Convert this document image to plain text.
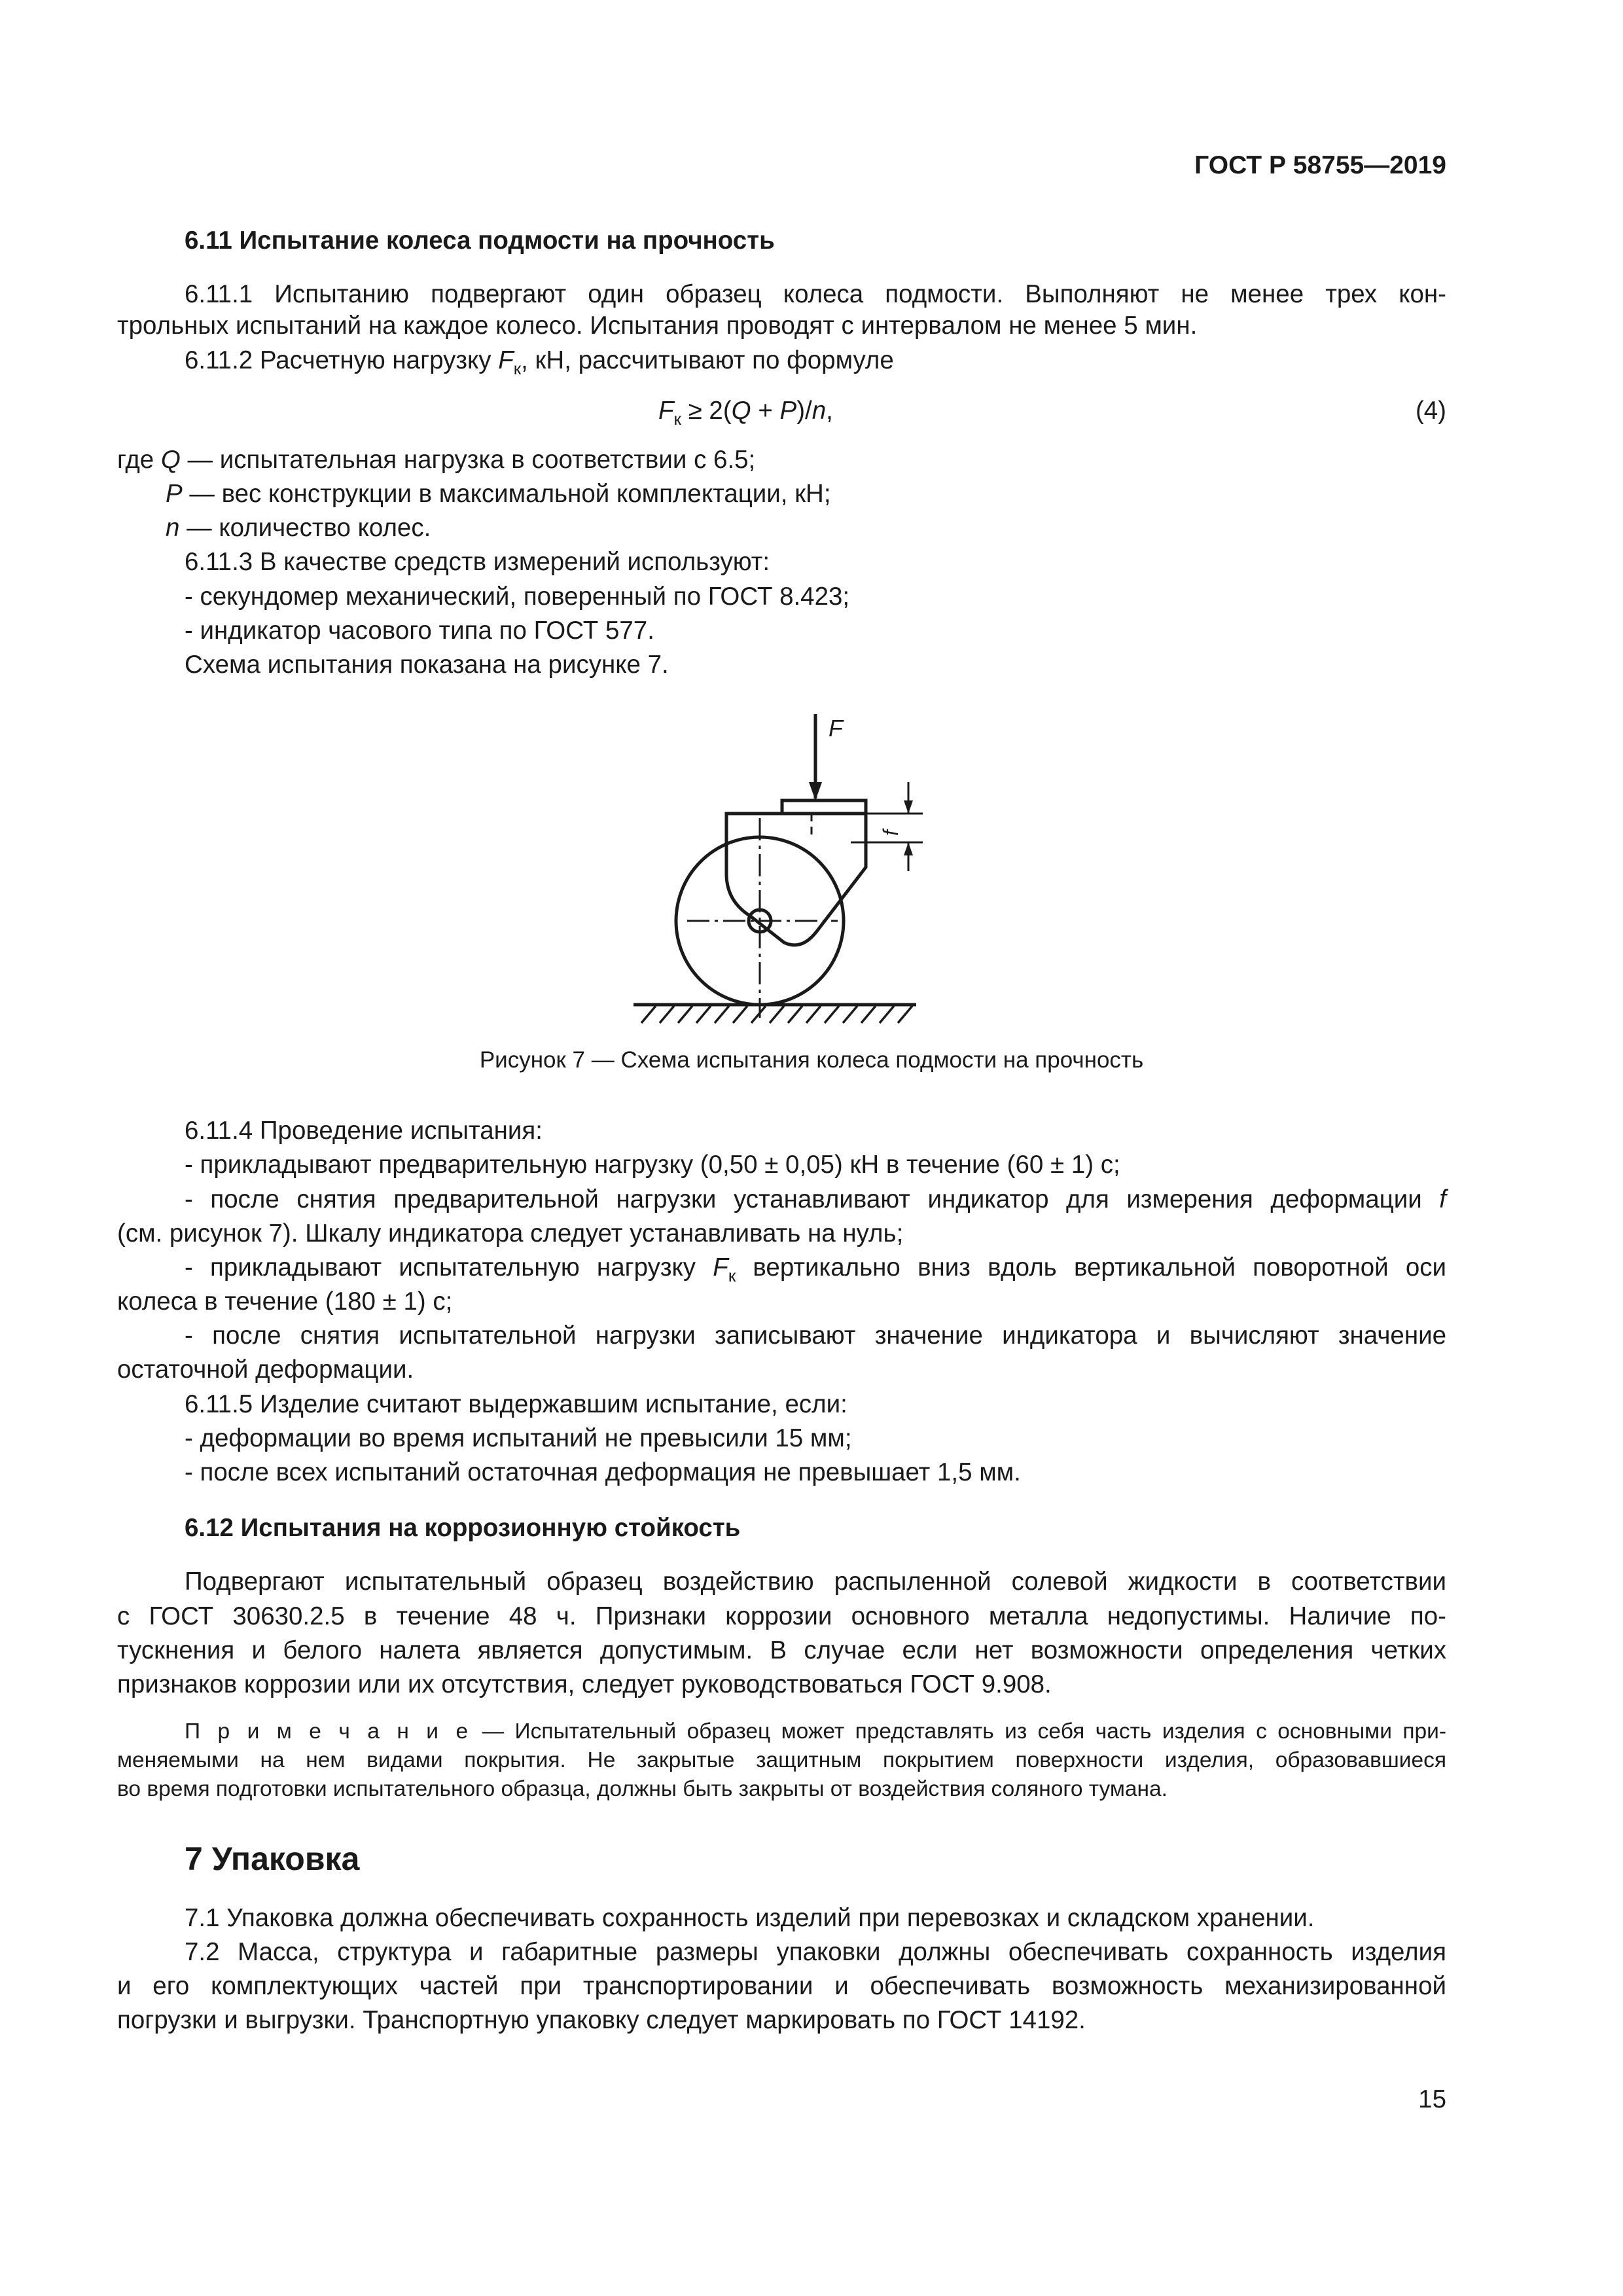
ГОСТ Р 58755—2019
6.11 Испытание колеса подмости на прочность
6.11.1 Испытанию подвергают один образец колеса подмости. Выполняют не менее трех кон-
трольных испытаний на каждое колесо. Испытания проводят с интервалом не менее 5 мин.
6.11.2 Расчетную нагрузку $F_к$, кН, рассчитывают по формуле
$F_к \ge 2(Q + P)/n$,	(4)
где Q — испытательная нагрузка в соответствии с 6.5;
P — вес конструкции в максимальной комплектации, кН;
n — количество колес.
6.11.3 В качестве средств измерений используют:
- секундомер механический, поверенный по ГОСТ 8.423;
- индикатор часового типа по ГОСТ 577.
Схема испытания показана на рисунке 7.
F
f
Рисунок 7 — Схема испытания колеса подмости на прочность
6.11.4 Проведение испытания:
- прикладывают предварительную нагрузку (0,50 ± 0,05) кН в течение (60 ± 1) с;
- после снятия предварительной нагрузки устанавливают индикатор для измерения деформации f
(см. рисунок 7). Шкалу индикатора следует устанавливать на нуль;
- прикладывают испытательную нагрузку $F_к$ вертикально вниз вдоль вертикальной поворотной оси
колеса в течение (180 ± 1) с;
- после снятия испытательной нагрузки записывают значение индикатора и вычисляют значение
остаточной деформации.
6.11.5 Изделие считают выдержавшим испытание, если:
- деформации во время испытаний не превысили 15 мм;
- после всех испытаний остаточная деформация не превышает 1,5 мм.
6.12 Испытания на коррозионную стойкость
Подвергают испытательный образец воздействию распыленной солевой жидкости в соответствии
с ГОСТ 30630.2.5 в течение 48 ч. Признаки коррозии основного металла недопустимы. Наличие по-
тускнения и белого налета является допустимым. В случае если нет возможности определения четких
признаков коррозии или их отсутствия, следует руководствоваться ГОСТ 9.908.
П р и м е ч а н и е — Испытательный образец может представлять из себя часть изделия с основными при-
меняемыми на нем видами покрытия. Не закрытые защитным покрытием поверхности изделия, образовавшиеся
во время подготовки испытательного образца, должны быть закрыты от воздействия соляного тумана.
7 Упаковка
7.1 Упаковка должна обеспечивать сохранность изделий при перевозках и складском хранении.
7.2 Масса, структура и габаритные размеры упаковки должны обеспечивать сохранность изделия
и его комплектующих частей при транспортировании и обеспечивать возможность механизированной
погрузки и выгрузки. Транспортную упаковку следует маркировать по ГОСТ 14192.
15
